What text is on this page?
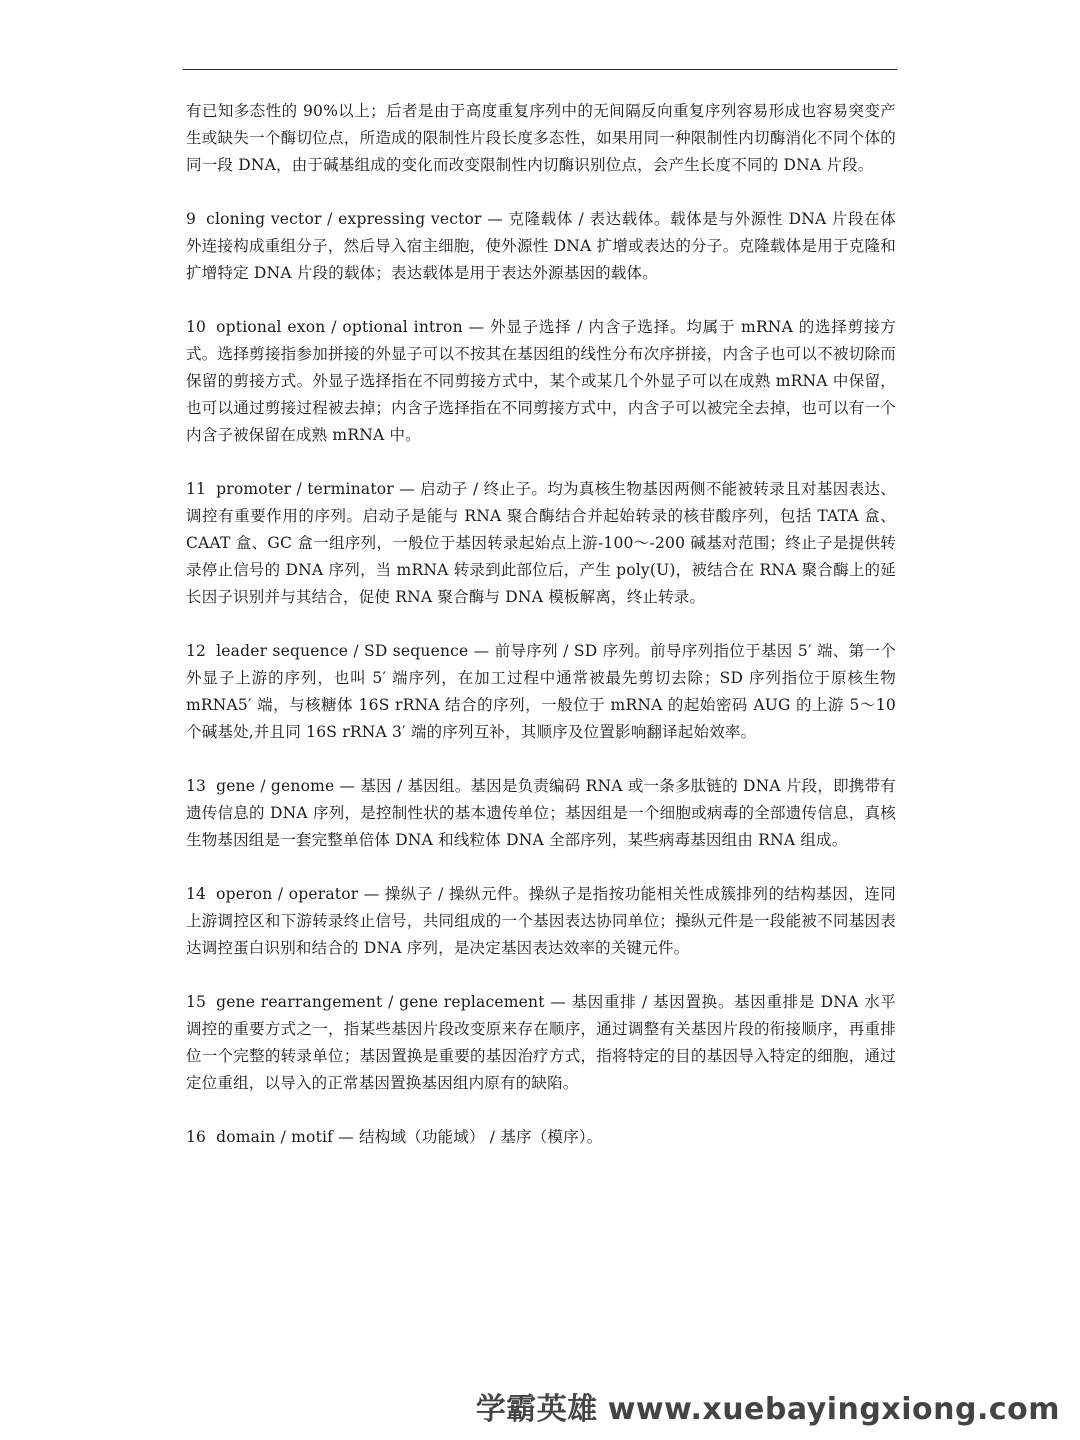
有已知多态性的 90%以上；后者是由于高度重复序列中的无间隔反向重复序列容易形成也容易突变产生或缺失一个酶切位点，所造成的限制性片段长度多态性，如果用同一种限制性内切酶消化不同个体的同一段 DNA，由于碱基组成的变化而改变限制性内切酶识别位点，会产生长度不同的 DNA 片段。

9 cloning vector / expressing vector — 克隆载体 / 表达载体。载体是与外源性 DNA 片段在体外连接构成重组分子，然后导入宿主细胞，使外源性 DNA 扩增或表达的分子。克隆载体是用于克隆和扩增特定 DNA 片段的载体；表达载体是用于表达外源基因的载体。

10 optional exon / optional intron — 外显子选择 / 内含子选择。均属于 mRNA 的选择剪接方式。选择剪接指参加拼接的外显子可以不按其在基因组的线性分布次序拼接，内含子也可以不被切除而保留的剪接方式。外显子选择指在不同剪接方式中，某个或某几个外显子可以在成熟 mRNA 中保留，也可以通过剪接过程被去掉；内含子选择指在不同剪接方式中，内含子可以被完全去掉，也可以有一个内含子被保留在成熟 mRNA 中。

11 promoter / terminator — 启动子 / 终止子。均为真核生物基因两侧不能被转录且对基因表达、调控有重要作用的序列。启动子是能与 RNA 聚合酶结合并起始转录的核苷酸序列，包括 TATA 盒、CAAT 盒、GC 盒一组序列，一般位于基因转录起始点上游-100～-200 碱基对范围；终止子是提供转录停止信号的 DNA 序列，当 mRNA 转录到此部位后，产生 poly(U)，被结合在 RNA 聚合酶上的延长因子识别并与其结合，促使 RNA 聚合酶与 DNA 模板解离，终止转录。

12 leader sequence / SD sequence — 前导序列 / SD 序列。前导序列指位于基因 5′ 端、第一个外显子上游的序列，也叫 5′ 端序列，在加工过程中通常被最先剪切去除；SD 序列指位于原核生物 mRNA5′ 端，与核糖体 16S rRNA 结合的序列，一般位于 mRNA 的起始密码 AUG 的上游 5～10 个碱基处,并且同 16S rRNA 3′ 端的序列互补，其顺序及位置影响翻译起始效率。

13 gene / genome — 基因 / 基因组。基因是负责编码 RNA 或一条多肽链的 DNA 片段，即携带有遗传信息的 DNA 序列，是控制性状的基本遗传单位；基因组是一个细胞或病毒的全部遗传信息，真核生物基因组是一套完整单倍体 DNA 和线粒体 DNA 全部序列，某些病毒基因组由 RNA 组成。

14 operon / operator — 操纵子 / 操纵元件。操纵子是指按功能相关性成簇排列的结构基因，连同上游调控区和下游转录终止信号，共同组成的一个基因表达协同单位；操纵元件是一段能被不同基因表达调控蛋白识别和结合的 DNA 序列，是决定基因表达效率的关键元件。

15 gene rearrangement / gene replacement — 基因重排 / 基因置换。基因重排是 DNA 水平调控的重要方式之一，指某些基因片段改变原来存在顺序，通过调整有关基因片段的衔接顺序，再重排位一个完整的转录单位；基因置换是重要的基因治疗方式，指将特定的目的基因导入特定的细胞，通过定位重组，以导入的正常基因置换基因组内原有的缺陷。

16 domain / motif — 结构域（功能域） / 基序（模序）。

学霸英雄 www.xuebayingxiong.com
